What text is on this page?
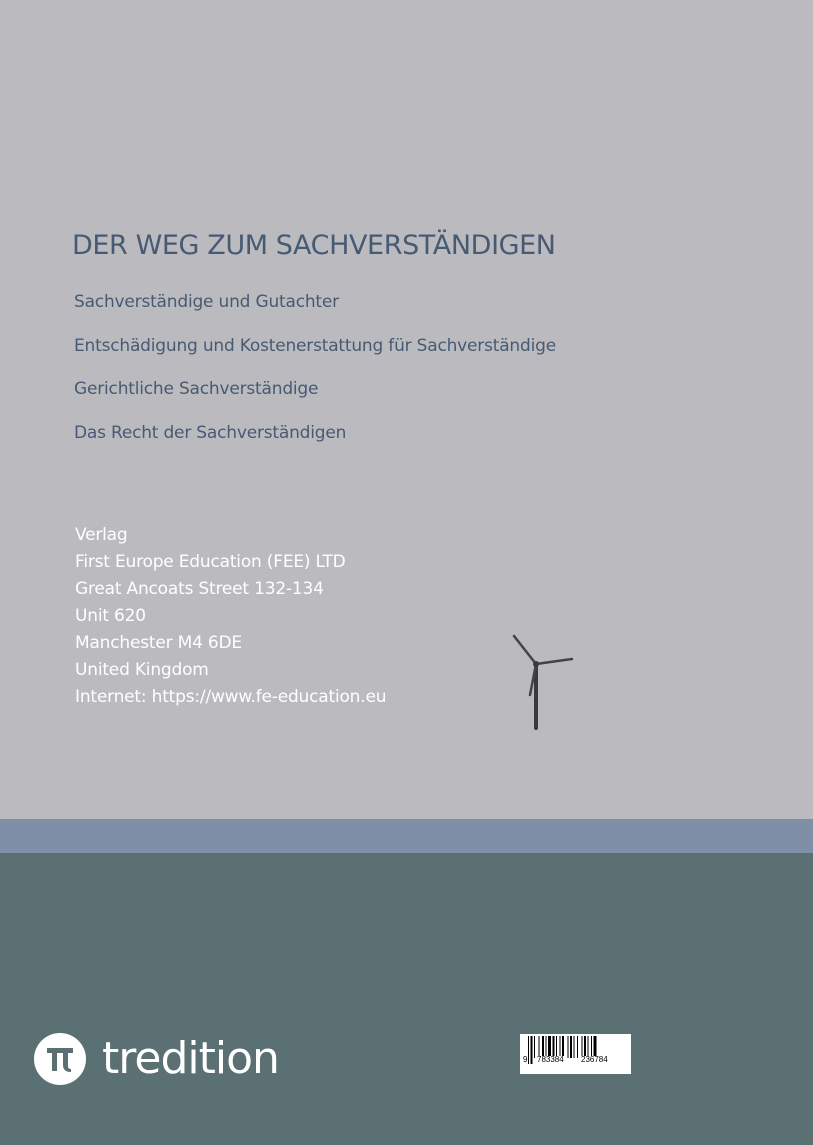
DER WEG ZUM SACHVERSTÄNDIGEN
Sachverständige und Gutachter
Entschädigung und Kostenerstattung für Sachverständige
Gerichtliche Sachverständige
Das Recht der Sachverständigen
Verlag
First Europe Education (FEE) LTD
Great Ancoats Street 132-134
Unit 620
Manchester M4 6DE
United Kingdom
Internet: https://www.fe-education.eu
tredition	9 783384 236784
